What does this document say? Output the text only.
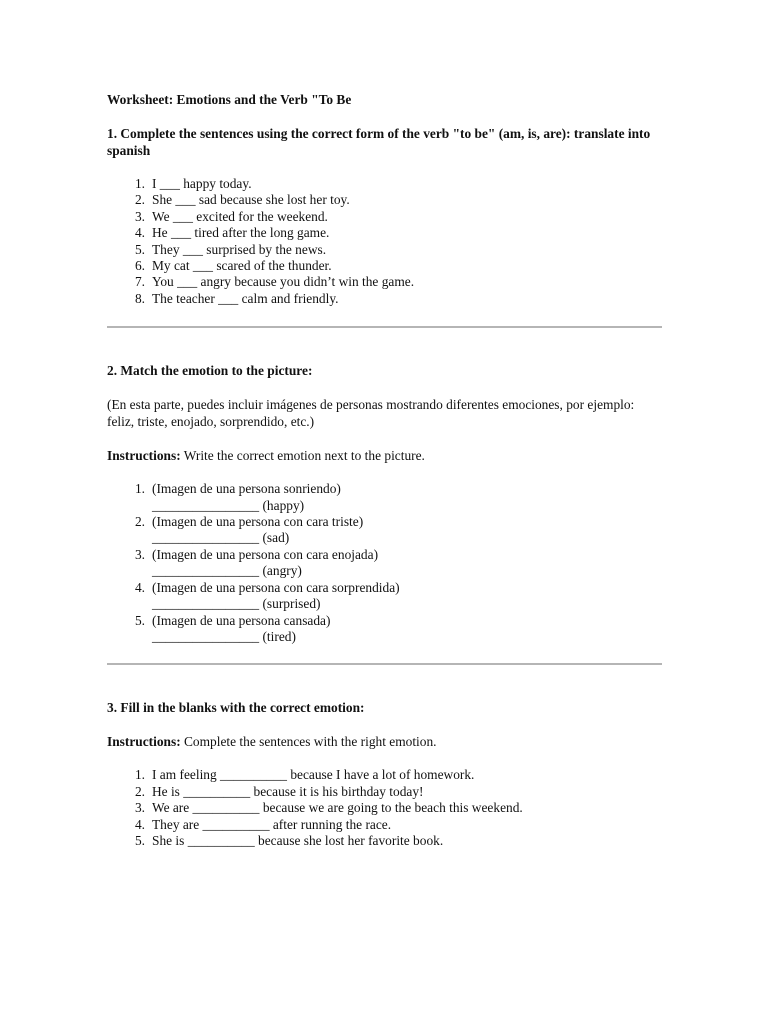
Worksheet: Emotions and the Verb "To Be

1. Complete the sentences using the correct form of the verb "to be" (am, is, are): translate into spanish

1. I ___ happy today.
2. She ___ sad because she lost her toy.
3. We ___ excited for the weekend.
4. He ___ tired after the long game.
5. They ___ surprised by the news.
6. My cat ___ scared of the thunder.
7. You ___ angry because you didn’t win the game.
8. The teacher ___ calm and friendly.

2. Match the emotion to the picture:

(En esta parte, puedes incluir imágenes de personas mostrando diferentes emociones, por ejemplo: feliz, triste, enojado, sorprendido, etc.)

Instructions: Write the correct emotion next to the picture.

1. (Imagen de una persona sonriendo)
________________ (happy)
2. (Imagen de una persona con cara triste)
________________ (sad)
3. (Imagen de una persona con cara enojada)
________________ (angry)
4. (Imagen de una persona con cara sorprendida)
________________ (surprised)
5. (Imagen de una persona cansada)
________________ (tired)

3. Fill in the blanks with the correct emotion:

Instructions: Complete the sentences with the right emotion.

1. I am feeling __________ because I have a lot of homework.
2. He is __________ because it is his birthday today!
3. We are __________ because we are going to the beach this weekend.
4. They are __________ after running the race.
5. She is __________ because she lost her favorite book.
